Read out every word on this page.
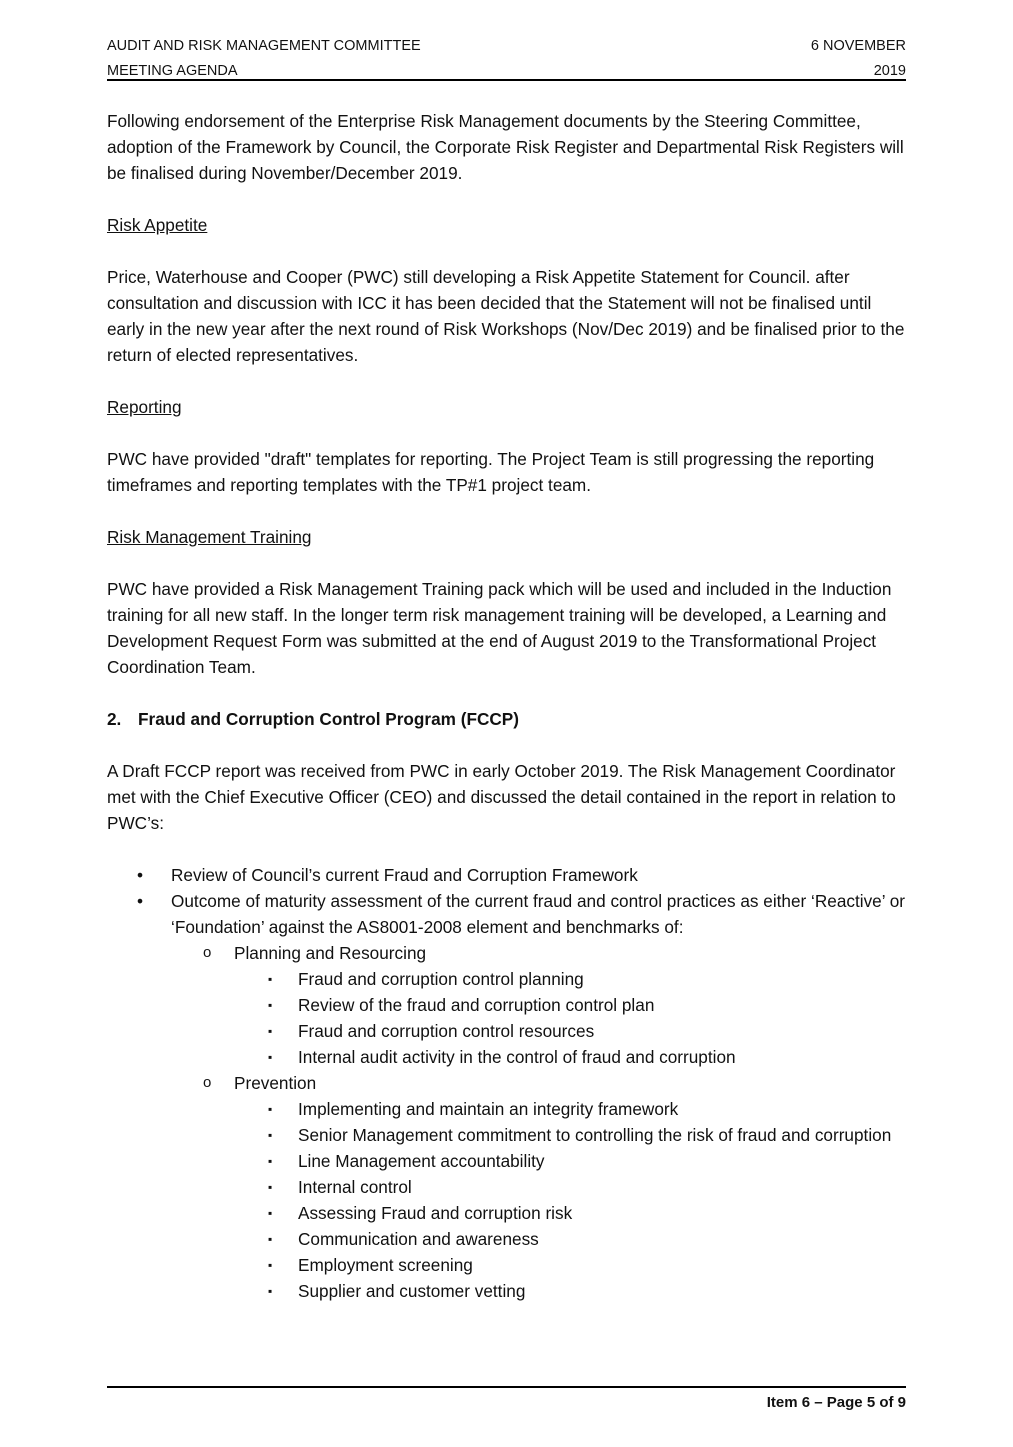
AUDIT AND RISK MANAGEMENT COMMITTEE	6 NOVEMBER
MEETING AGENDA	2019

Following endorsement of the Enterprise Risk Management documents by the Steering Committee, adoption of the Framework by Council, the Corporate Risk Register and Departmental Risk Registers will be finalised during November/December 2019.

Risk Appetite

Price, Waterhouse and Cooper (PWC) still developing a Risk Appetite Statement for Council. after consultation and discussion with ICC it has been decided that the Statement will not be finalised until early in the new year after the next round of Risk Workshops (Nov/Dec 2019) and be finalised prior to the return of elected representatives.

Reporting

PWC have provided "draft" templates for reporting. The Project Team is still progressing the reporting timeframes and reporting templates with the TP#1 project team.

Risk Management Training

PWC have provided a Risk Management Training pack which will be used and included in the Induction training for all new staff. In the longer term risk management training will be developed, a Learning and Development Request Form was submitted at the end of August 2019 to the Transformational Project Coordination Team.

2. Fraud and Corruption Control Program (FCCP)

A Draft FCCP report was received from PWC in early October 2019. The Risk Management Coordinator met with the Chief Executive Officer (CEO) and discussed the detail contained in the report in relation to PWC’s:

• Review of Council’s current Fraud and Corruption Framework
• Outcome of maturity assessment of the current fraud and control practices as either ‘Reactive’ or ‘Foundation’ against the AS8001-2008 element and benchmarks of:
o Planning and Resourcing
▪ Fraud and corruption control planning
▪ Review of the fraud and corruption control plan
▪ Fraud and corruption control resources
▪ Internal audit activity in the control of fraud and corruption
o Prevention
▪ Implementing and maintain an integrity framework
▪ Senior Management commitment to controlling the risk of fraud and corruption
▪ Line Management accountability
▪ Internal control
▪ Assessing Fraud and corruption risk
▪ Communication and awareness
▪ Employment screening
▪ Supplier and customer vetting
Item 6 – Page 5 of 9
